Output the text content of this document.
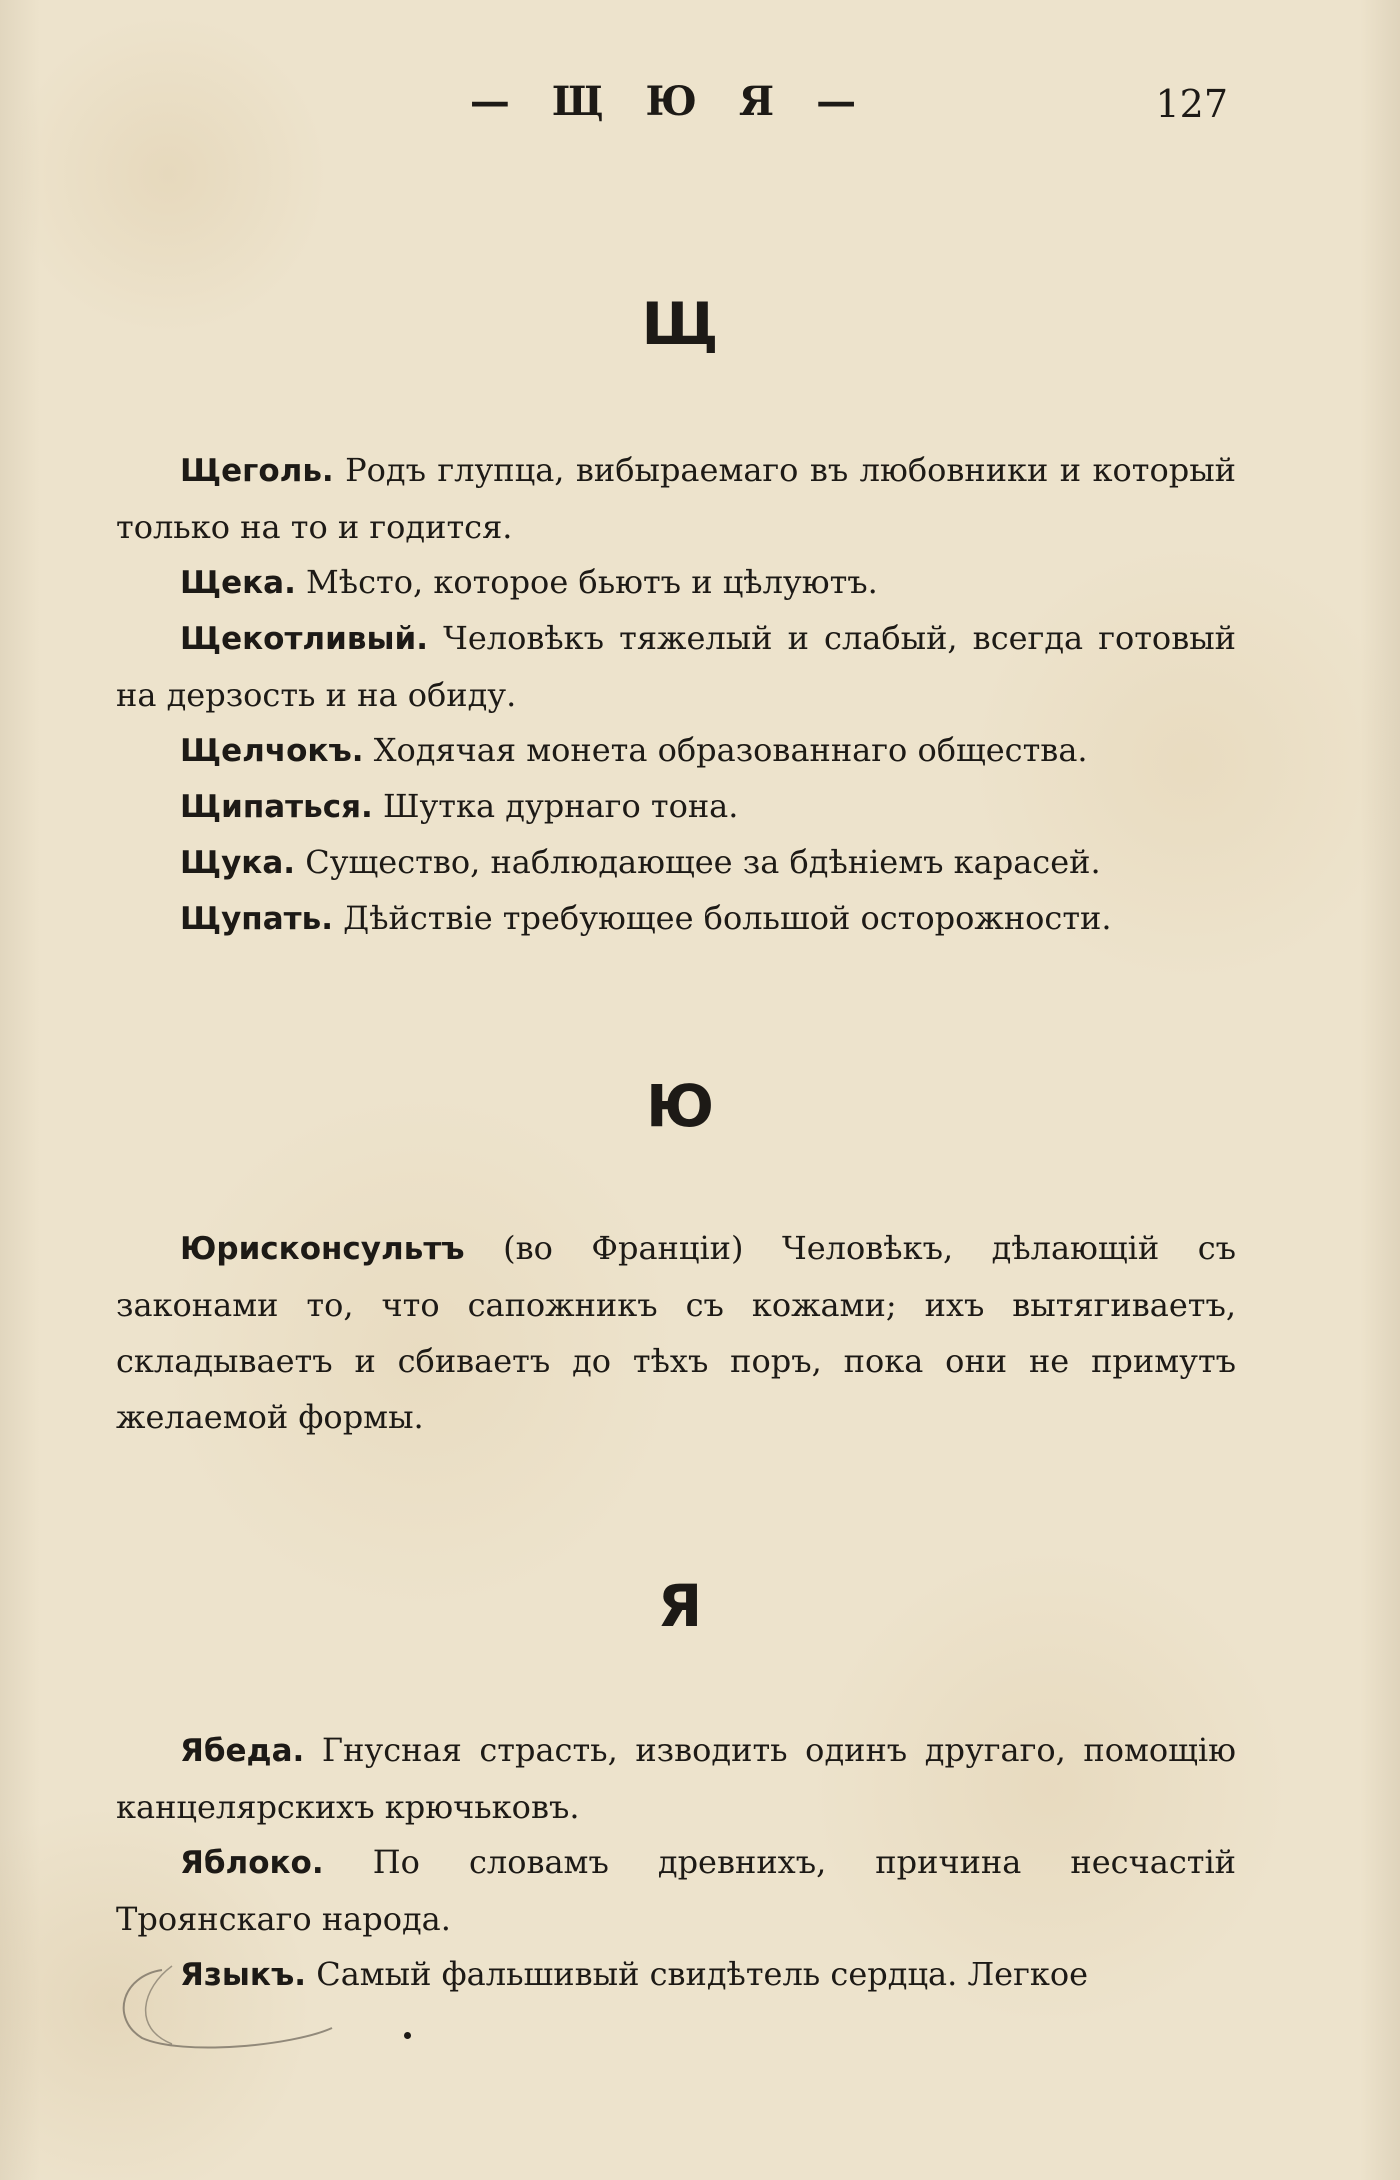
— Щ Ю Я —	127
Щ

Щеголь. Родъ глупца, вибыраемаго въ любовники и который только на то и годится.

Щека. Мѣсто, которое бьютъ и цѣлуютъ.

Щекотливый. Человѣкъ тяжелый и слабый, всегда готовый на дерзость и на обиду.

Щелчокъ. Ходячая монета образованнаго общества.

Щипаться. Шутка дурнаго тона.

Щука. Существо, наблюдающее за бдѣніемъ карасей.

Щупать. Дѣйствіе требующее большой осторожности.

Ю

Юрисконсультъ (во Франціи) Человѣкъ, дѣлающій съ законами то, что сапожникъ съ кожами; ихъ вытягиваетъ, складываетъ и сбиваетъ до тѣхъ поръ, пока они не примутъ желаемой формы.

Я

Ябеда. Гнусная страсть, изводить одинъ другаго, помощію канцелярскихъ крючьковъ.

Яблоко. По словамъ древнихъ, причина несчастій Троянскаго народа.

Языкъ. Самый фальшивый свидѣтель сердца. Легкое
